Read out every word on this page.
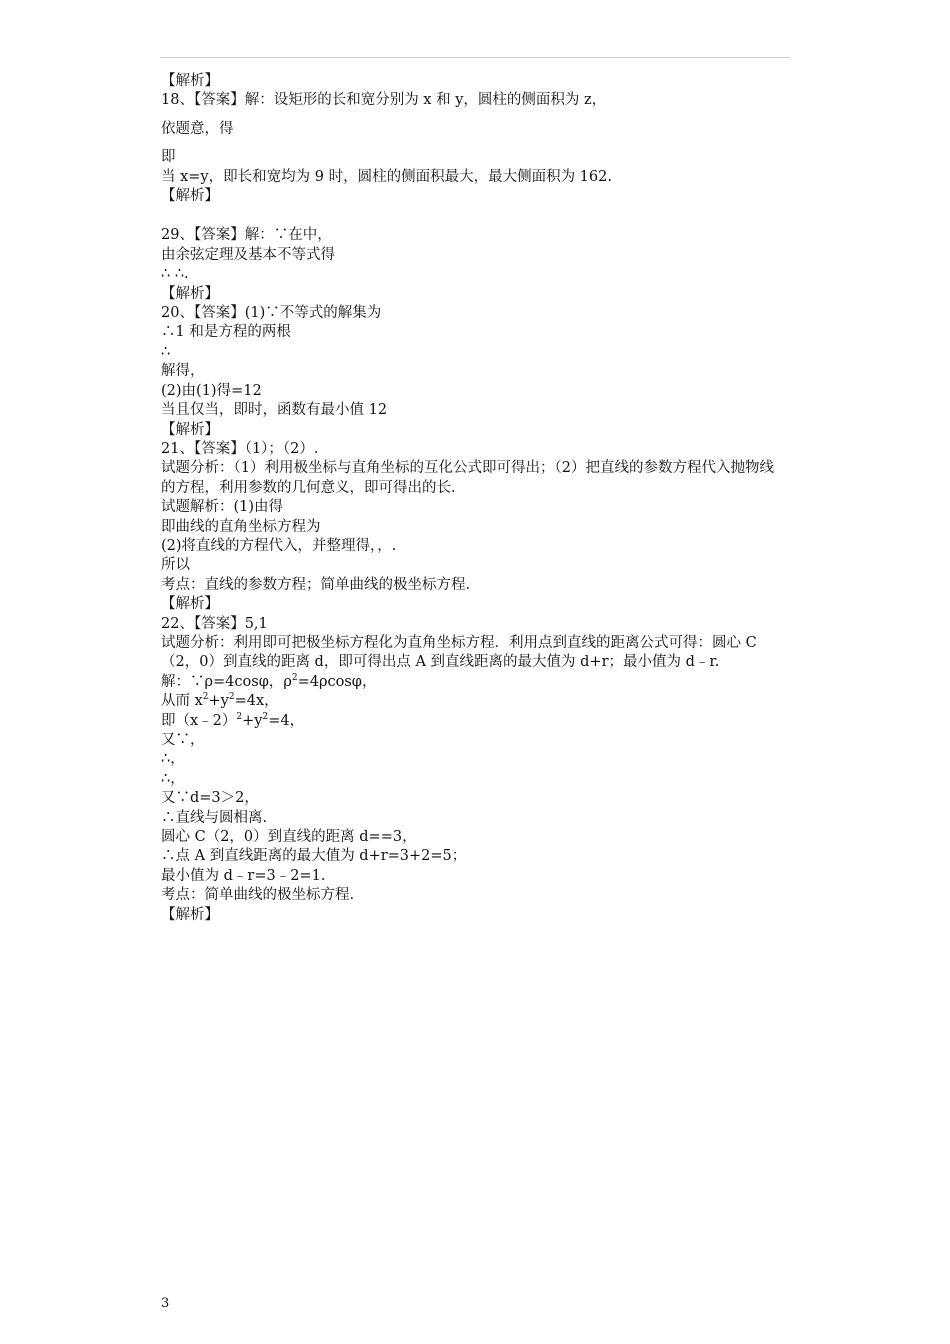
【解析】
18、【答案】解：设矩形的长和宽分别为 x 和 y，圆柱的侧面积为 z，
依题意，得
即
当 x=y，即长和宽均为 9 时，圆柱的侧面积最大，最大侧面积为 162.
【解析】
29、【答案】解：∵在中，
由余弦定理及基本不等式得
∴ ∴.
【解析】
20、【答案】(1)∵不等式的解集为
∴1 和是方程的两根
∴
解得，
(2)由(1)得=12
当且仅当，即时，函数有最小值 12
【解析】
21、【答案】（1）；（2）.
试题分析：（1）利用极坐标与直角坐标的互化公式即可得出；（2）把直线的参数方程代入抛物线的方程，利用参数的几何意义，即可得出的长.
试题解析：(1)由得
即曲线的直角坐标方程为
(2)将直线的方程代入，并整理得，，.
所以
考点：直线的参数方程；简单曲线的极坐标方程.
【解析】
22、【答案】5,1
试题分析：利用即可把极坐标方程化为直角坐标方程．利用点到直线的距离公式可得：圆心 C（2，0）到直线的距离 d，即可得出点 A 到直线距离的最大值为 d+r；最小值为 d﹣r.
解：∵ρ=4cosφ，$\rho^2=4\rho\cos\varphi$，
从而 $x^2+y^2=4x$，
即$(x﹣2)^2+y^2=4$，
又∵，
∴，
∴，
又∵d=3＞2，
∴直线与圆相离.
圆心 C（2，0）到直线的距离 d==3，
∴点 A 到直线距离的最大值为 d+r=3+2=5；
最小值为 d﹣r=3﹣2=1.
考点：简单曲线的极坐标方程.
【解析】
3
